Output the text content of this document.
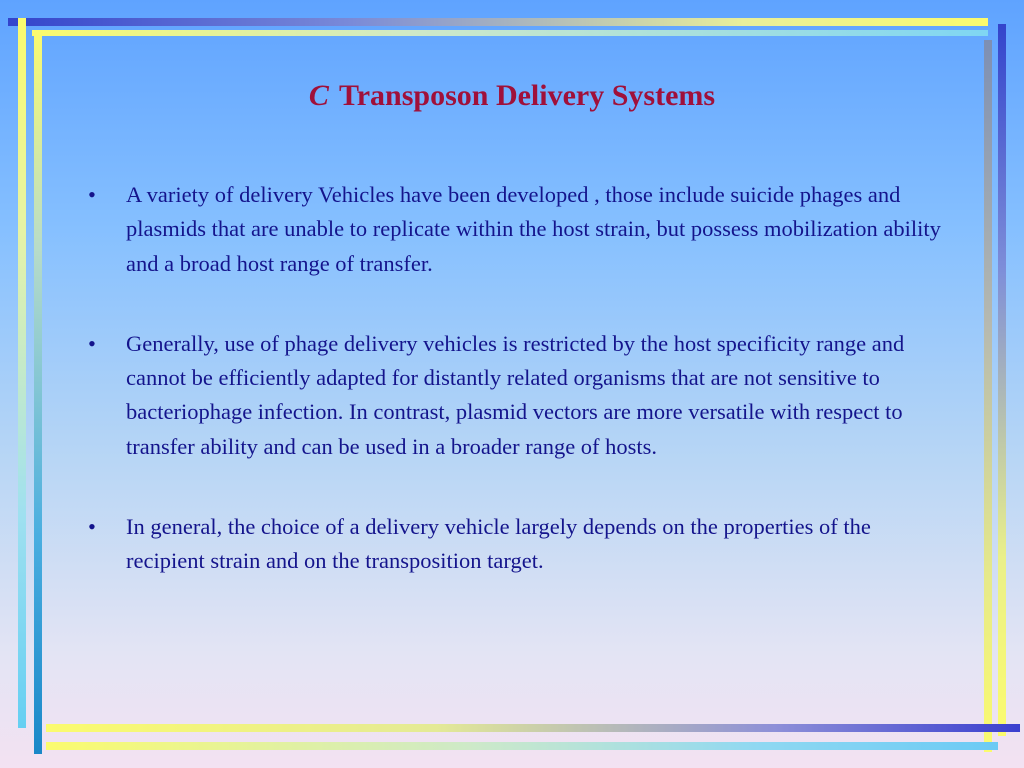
C Transposon Delivery Systems
• A variety of delivery Vehicles have been developed , those include suicide phages and plasmids that are unable to replicate within the host strain, but possess mobilization ability and a broad host range of transfer.
• Generally, use of phage delivery vehicles is restricted by the host specificity range and cannot be efficiently adapted for distantly related organisms that are not sensitive to bacteriophage infection. In contrast, plasmid vectors are more versatile with respect to transfer ability and can be used in a broader range of hosts.
• In general, the choice of a delivery vehicle largely depends on the properties of the recipient strain and on the transposition target.
